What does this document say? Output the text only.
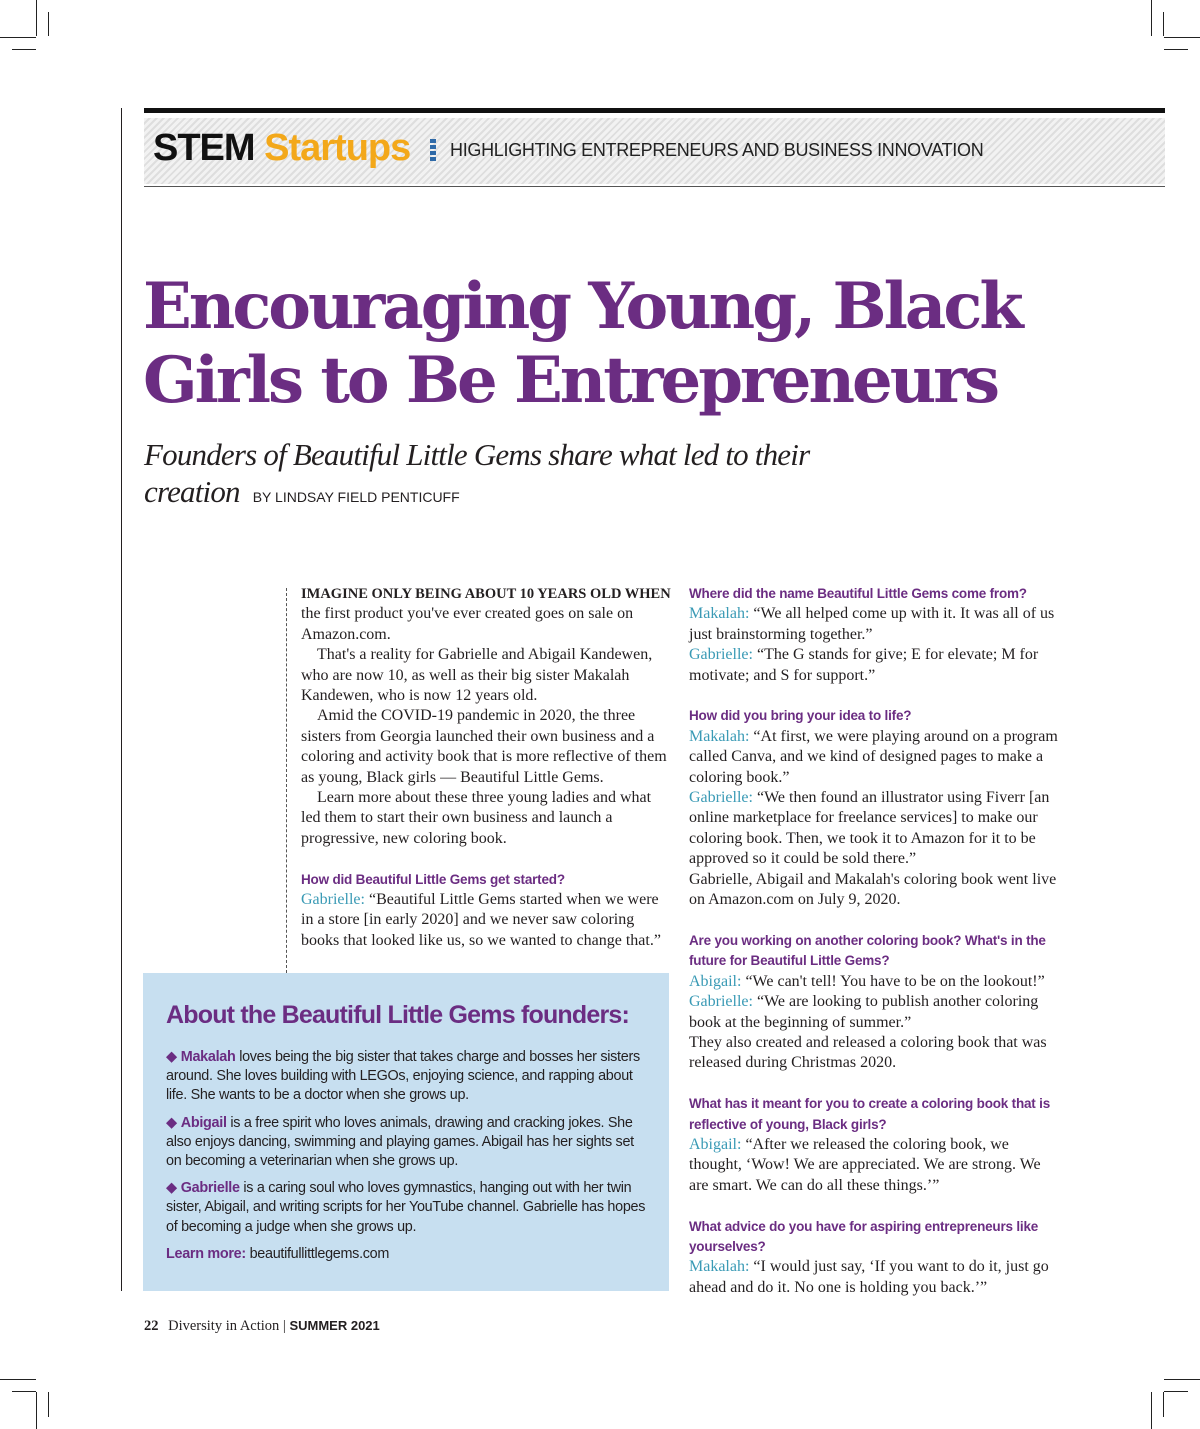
STEM Startups HIGHLIGHTING ENTREPRENEURS AND BUSINESS INNOVATION
Encouraging Young, Black Girls to Be Entrepreneurs
Founders of Beautiful Little Gems share what led to their creation BY LINDSAY FIELD PENTICUFF

IMAGINE ONLY BEING ABOUT 10 YEARS OLD WHEN the first product you've ever created goes on sale on Amazon.com.

That's a reality for Gabrielle and Abigail Kandewen, who are now 10, as well as their big sister Makalah Kandewen, who is now 12 years old.

Amid the COVID-19 pandemic in 2020, the three sisters from Georgia launched their own business and a coloring and activity book that is more reflective of them as young, Black girls — Beautiful Little Gems.

Learn more about these three young ladies and what led them to start their own business and launch a progressive, new coloring book.

How did Beautiful Little Gems get started?

Gabrielle: “Beautiful Little Gems started when we were in a store [in early 2020] and we never saw coloring books that looked like us, so we wanted to change that.”

Where did the name Beautiful Little Gems come from?

Makalah: “We all helped come up with it. It was all of us just brainstorming together.”

Gabrielle: “The G stands for give; E for elevate; M for motivate; and S for support.”

How did you bring your idea to life?

Makalah: “At first, we were playing around on a program called Canva, and we kind of designed pages to make a coloring book.”

Gabrielle: “We then found an illustrator using Fiverr [an online marketplace for freelance services] to make our coloring book. Then, we took it to Amazon for it to be approved so it could be sold there.”

Gabrielle, Abigail and Makalah's coloring book went live on Amazon.com on July 9, 2020.

Are you working on another coloring book? What's in the future for Beautiful Little Gems?

Abigail: “We can't tell! You have to be on the lookout!”

Gabrielle: “We are looking to publish another coloring book at the beginning of summer.”

They also created and released a coloring book that was released during Christmas 2020.

What has it meant for you to create a coloring book that is reflective of young, Black girls?

Abigail: “After we released the coloring book, we thought, ‘Wow! We are appreciated. We are strong. We are smart. We can do all these things.’”

What advice do you have for aspiring entrepreneurs like yourselves?

Makalah: “I would just say, ‘If you want to do it, just go ahead and do it. No one is holding you back.’”

About the Beautiful Little Gems founders:

◆ Makalah loves being the big sister that takes charge and bosses her sisters around. She loves building with LEGOs, enjoying science, and rapping about life. She wants to be a doctor when she grows up.

◆ Abigail is a free spirit who loves animals, drawing and cracking jokes. She also enjoys dancing, swimming and playing games. Abigail has her sights set on becoming a veterinarian when she grows up.

◆ Gabrielle is a caring soul who loves gymnastics, hanging out with her twin sister, Abigail, and writing scripts for her YouTube channel. Gabrielle has hopes of becoming a judge when she grows up.

Learn more: beautifullittlegems.com

22 Diversity in Action | SUMMER 2021
